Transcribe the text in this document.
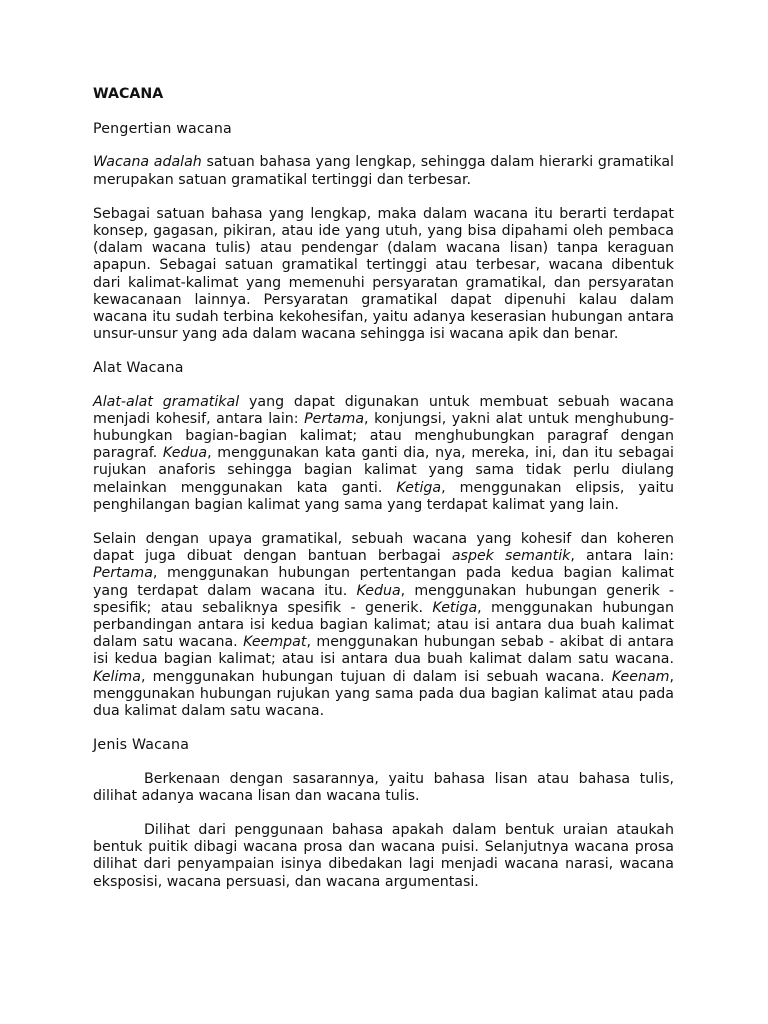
WACANA
Pengertian wacana

Wacana adalah satuan bahasa yang lengkap, sehingga dalam hierarki gramatikal merupakan satuan gramatikal tertinggi dan terbesar.

Sebagai satuan bahasa yang lengkap, maka dalam wacana itu berarti terdapat konsep, gagasan, pikiran, atau ide yang utuh, yang bisa dipahami oleh pembaca (dalam wacana tulis) atau pendengar (dalam wacana lisan) tanpa keraguan apapun. Sebagai satuan gramatikal tertinggi atau terbesar, wacana dibentuk dari kalimat-kalimat yang memenuhi persyaratan gramatikal, dan persyaratan kewacanaan lainnya. Persyaratan gramatikal dapat dipenuhi kalau dalam wacana itu sudah terbina kekohesifan, yaitu adanya keserasian hubungan antara unsur-unsur yang ada dalam wacana sehingga isi wacana apik dan benar.

Alat Wacana

Alat-alat gramatikal yang dapat digunakan untuk membuat sebuah wacana menjadi kohesif, antara lain: Pertama, konjungsi, yakni alat untuk menghubung-hubungkan bagian-bagian kalimat; atau menghubungkan paragraf dengan paragraf. Kedua, menggunakan kata ganti dia, nya, mereka, ini, dan itu sebagai rujukan anaforis sehingga bagian kalimat yang sama tidak perlu diulang melainkan menggunakan kata ganti. Ketiga, menggunakan elipsis, yaitu penghilangan bagian kalimat yang sama yang terdapat kalimat yang lain.

Selain dengan upaya gramatikal, sebuah wacana yang kohesif dan koheren dapat juga dibuat dengan bantuan berbagai aspek semantik, antara lain: Pertama, menggunakan hubungan pertentangan pada kedua bagian kalimat yang terdapat dalam wacana itu. Kedua, menggunakan hubungan generik - spesifik; atau sebaliknya spesifik - generik. Ketiga, menggunakan hubungan perbandingan antara isi kedua bagian kalimat; atau isi antara dua buah kalimat dalam satu wacana. Keempat, menggunakan hubungan sebab - akibat di antara isi kedua bagian kalimat; atau isi antara dua buah kalimat dalam satu wacana. Kelima, menggunakan hubungan tujuan di dalam isi sebuah wacana. Keenam, menggunakan hubungan rujukan yang sama pada dua bagian kalimat atau pada dua kalimat dalam satu wacana.

Jenis Wacana

Berkenaan dengan sasarannya, yaitu bahasa lisan atau bahasa tulis, dilihat adanya wacana lisan dan wacana tulis.

Dilihat dari penggunaan bahasa apakah dalam bentuk uraian ataukah bentuk puitik dibagi wacana prosa dan wacana puisi. Selanjutnya wacana prosa dilihat dari penyampaian isinya dibedakan lagi menjadi wacana narasi, wacana eksposisi, wacana persuasi, dan wacana argumentasi.
